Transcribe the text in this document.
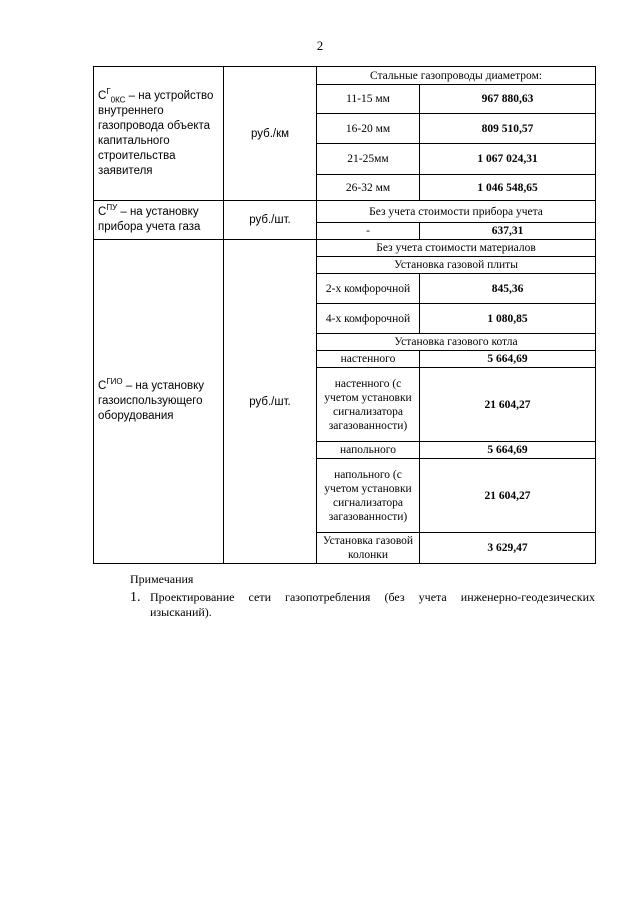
2
$С^Г_{0КС}$ – на устройство внутреннего газопровода объекта капитального строительства заявителя	руб./км	Стальные газопроводы диаметром:	
		11-15 мм	967 880,63
		16-20 мм	809 510,57
		21-25мм	1 067 024,31
		26-32 мм	1 046 548,65
$С^{ПУ}$ – на установку прибора учета газа	руб./шт.	Без учета стоимости прибора учета	
		-	637,31
$С^{ГИО}$ – на установку газоиспользующего оборудования	руб./шт.	Без учета стоимости материалов	
		Установка газовой плиты	
		2-х комфорочной	845,36
		4-х комфорочной	1 080,85
		Установка газового котла	
		настенного	5 664,69
		настенного (с учетом установки сигнализатора загазованности)	21 604,27
		напольного	5 664,69
		напольного (с учетом установки сигнализатора загазованности)	21 604,27
		Установка газовой колонки	3 629,47
Примечания
1. Проектирование сети газопотребления (без учета инженерно-геодезических изысканий).
